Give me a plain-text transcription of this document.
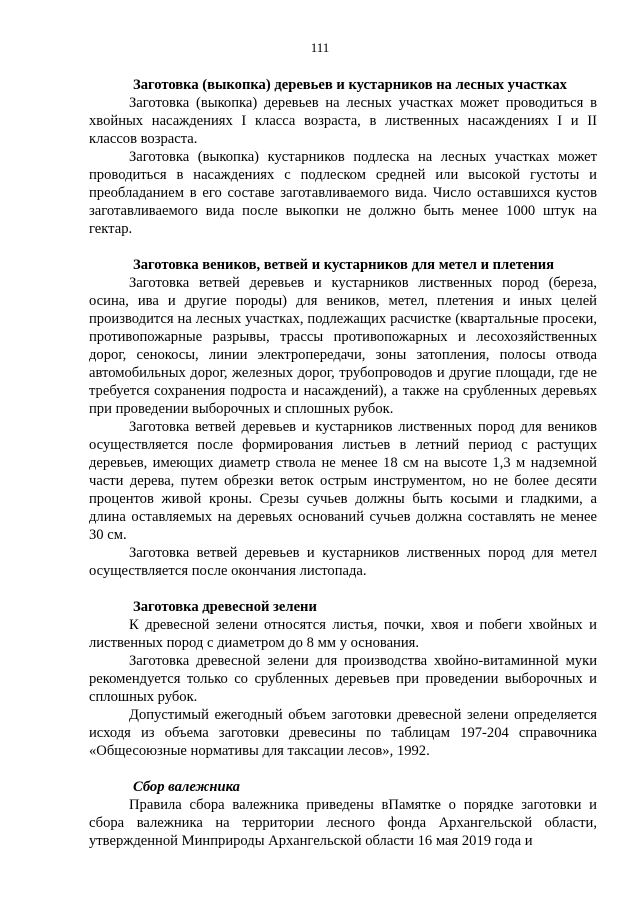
111
Заготовка (выкопка) деревьев и кустарников на лесных участках

Заготовка (выкопка) деревьев на лесных участках может проводиться в хвойных насаждениях I класса возраста, в лиственных насаждениях I и II классов возраста.

Заготовка (выкопка) кустарников подлеска на лесных участках может проводиться в насаждениях с подлеском средней или высокой густоты и преобладанием в его составе заготавливаемого вида. Число оставшихся кустов заготавливаемого вида после выкопки не должно быть менее 1000 штук на гектар.

Заготовка веников, ветвей и кустарников для метел и плетения

Заготовка ветвей деревьев и кустарников лиственных пород (береза, осина, ива и другие породы) для веников, метел, плетения и иных целей производится на лесных участках, подлежащих расчистке (квартальные просеки, противопожарные разрывы, трассы противопожарных и лесохозяйственных дорог, сенокосы, линии электропередачи, зоны затопления, полосы отвода автомобильных дорог, железных дорог, трубопроводов и другие площади, где не требуется сохранения подроста и насаждений), а также на срубленных деревьях при проведении выборочных и сплошных рубок.

Заготовка ветвей деревьев и кустарников лиственных пород для веников осуществляется после формирования листьев в летний период с растущих деревьев, имеющих диаметр ствола не менее 18 см на высоте 1,3 м надземной части дерева, путем обрезки веток острым инструментом, но не более десяти процентов живой кроны. Срезы сучьев должны быть косыми и гладкими, а длина оставляемых на деревьях оснований сучьев должна составлять не менее 30 см.

Заготовка ветвей деревьев и кустарников лиственных пород для метел осуществляется после окончания листопада.

Заготовка древесной зелени

К древесной зелени относятся листья, почки, хвоя и побеги хвойных и лиственных пород с диаметром до 8 мм у основания.

Заготовка древесной зелени для производства хвойно-витаминной муки рекомендуется только со срубленных деревьев при проведении выборочных и сплошных рубок.

Допустимый ежегодный объем заготовки древесной зелени определяется исходя из объема заготовки древесины по таблицам 197-204 справочника «Общесоюзные нормативы для таксации лесов», 1992.

Сбор валежника

Правила сбора валежника приведены вПамятке о порядке заготовки и сбора валежника на территории лесного фонда Архангельской области, утвержденной Минприроды Архангельской области 16 мая 2019 года и
